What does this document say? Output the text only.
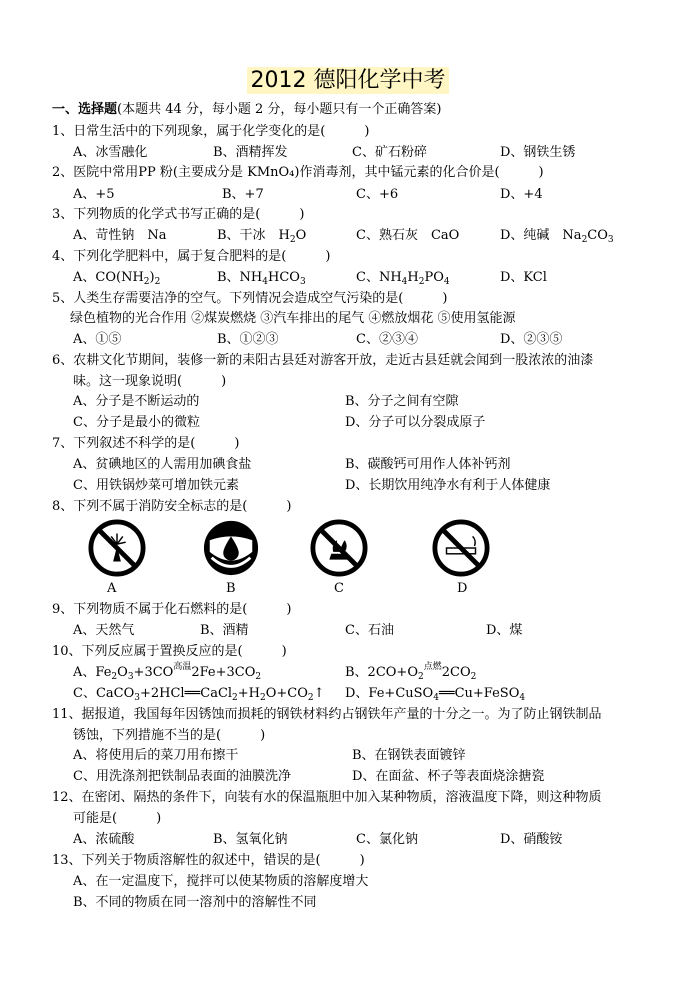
2012 德阳化学中考
一、选择题(本题共 44 分，每小题 2 分，每小题只有一个正确答案)
1、日常生活中的下列现象，属于化学变化的是(　　　)
A、冰雪融化	B、酒精挥发	C、矿石粉碎	D、钢铁生锈
2、医院中常用PP 粉(主要成分是 KMnO₄)作消毒剂，其中锰元素的化合价是(　　　)
A、+5	B、+7	C、+6	D、+4
3、下列物质的化学式书写正确的是(　　　)
A、苛性钠　Na	B、干冰　$H_2O$	C、熟石灰　CaO	D、纯碱　$Na_2CO_3$
4、下列化学肥料中，属于复合肥料的是(　　　)
A、$CO(NH_2)_2$	B、$NH_4HCO_3$	C、$NH_4H_2PO_4$	D、KCl
5、人类生存需要洁净的空气。下列情况会造成空气污染的是(　　　)
绿色植物的光合作用 ②煤炭燃烧 ③汽车排出的尾气 ④燃放烟花 ⑤使用氢能源
A、①⑤	B、①②③	C、②③④	D、②③⑤
6、农耕文化节期间，装修一新的耒阳古县廷对游客开放，走近古县廷就会闻到一股浓浓的油漆
味。这一现象说明(　　　)
A、分子是不断运动的	B、分子之间有空隙
C、分子是最小的微粒	D、分子可以分裂成原子
7、下列叙述不科学的是(　　　)
A、贫碘地区的人需用加碘食盐	B、碳酸钙可用作人体补钙剂
C、用铁锅炒菜可增加铁元素	D、长期饮用纯净水有利于人体健康
8、下列不属于消防安全标志的是(　　　)
A	B	C	D
9、下列物质不属于化石燃料的是(　　　)
A、天然气	B、酒精	C、石油	D、煤
10、下列反应属于置换反应的是(　　　)
A、$Fe_2O_3+3CO^{高温}2Fe+3CO_2$	B、$2CO+O_2^{点燃}2CO_2$
C、$CaCO_3+2HCl══CaCl_2+H_2O+CO_2↑$ D、Fe+CuSO$_4$══Cu+FeSO$_4$
11、据报道，我国每年因锈蚀而损耗的钢铁材料约占钢铁年产量的十分之一。为了防止钢铁制品
锈蚀，下列措施不当的是(　　　)
A、将使用后的菜刀用布擦干	B、在钢铁表面镀锌
C、用洗涤剂把铁制品表面的油膜洗净	D、在面盆、杯子等表面烧涂搪瓷
12、在密闭、隔热的条件下，向装有水的保温瓶胆中加入某种物质，溶液温度下降，则这种物质
可能是(　　　)
A、浓硫酸	B、氢氧化钠	C、氯化钠	D、硝酸铵
13、下列关于物质溶解性的叙述中，错误的是(　　　)
A、在一定温度下，搅拌可以使某物质的溶解度增大
B、不同的物质在同一溶剂中的溶解性不同
